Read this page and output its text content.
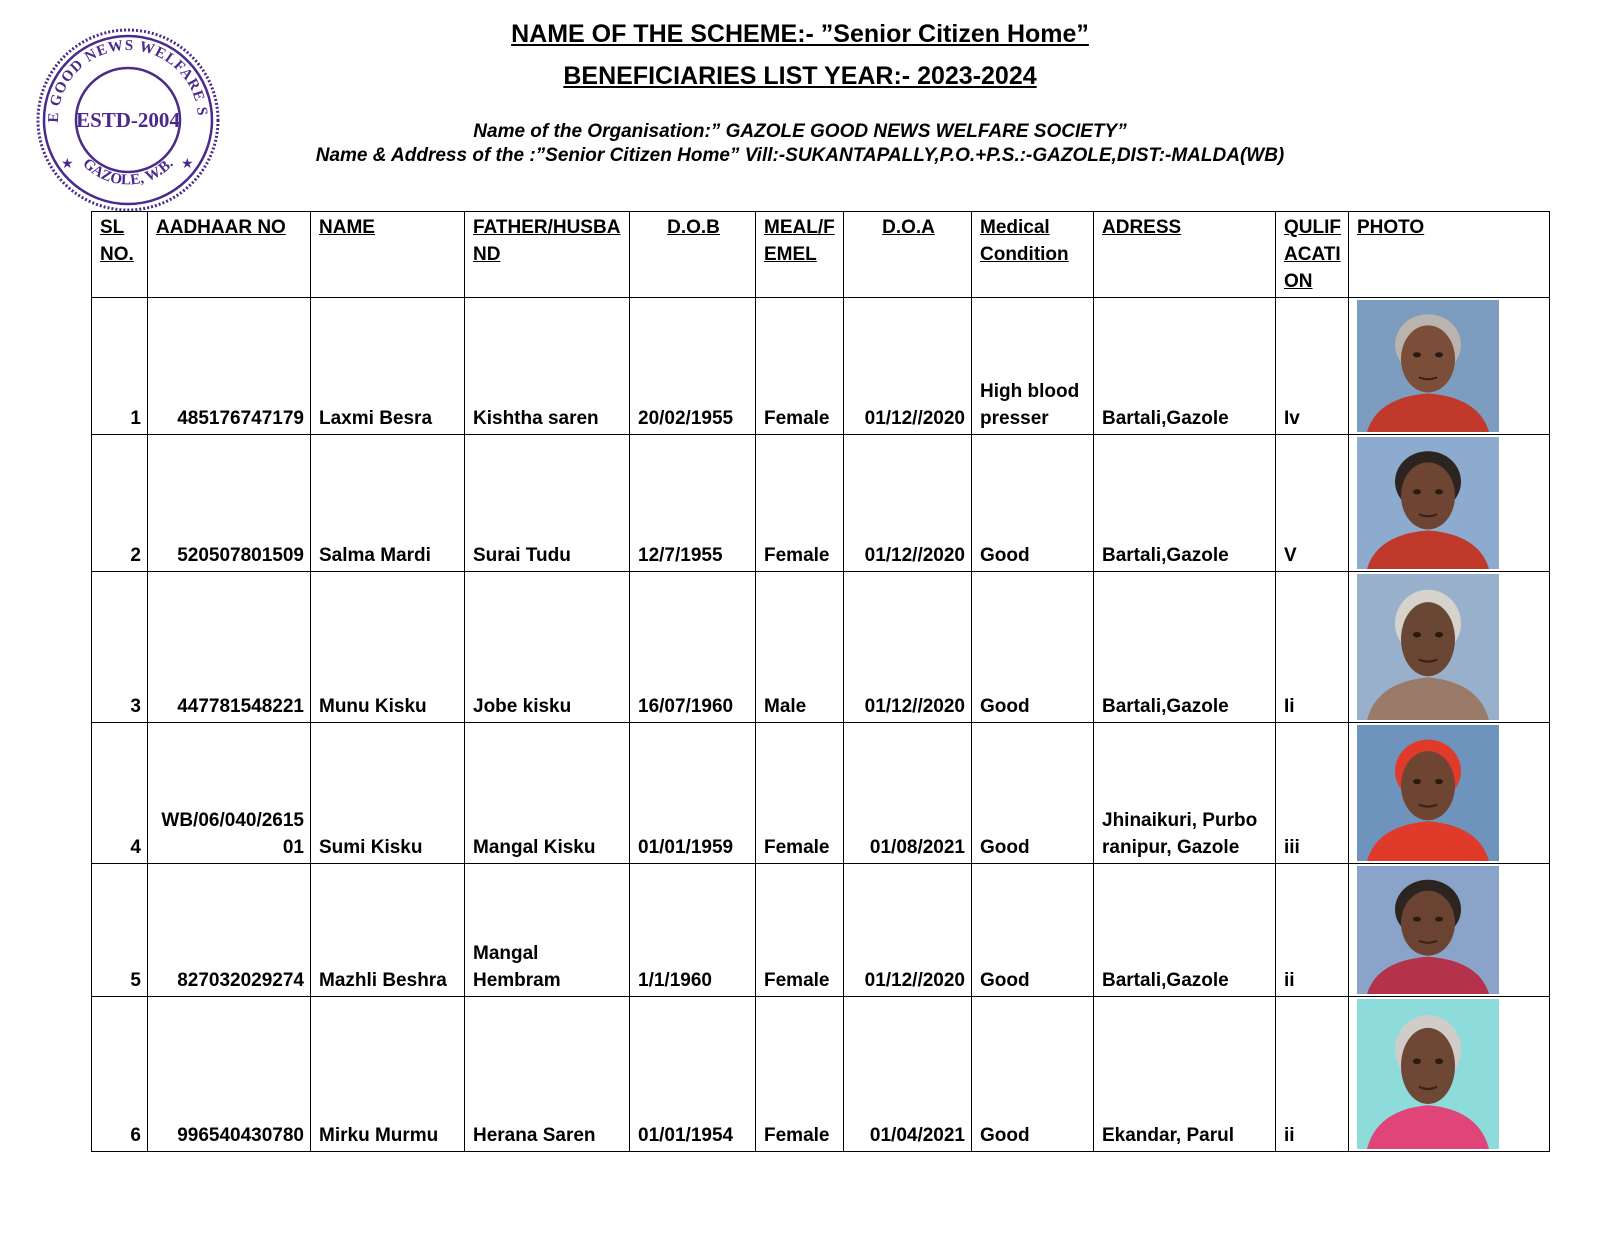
NAME OF THE SCHEME:- ”Senior Citizen Home”
BENEFICIARIES LIST YEAR:- 2023-2024
Name of the Organisation:” GAZOLE GOOD NEWS WELFARE SOCIETY”
Name & Address of the :”Senior Citizen Home” Vill:-SUKANTAPALLY,P.O.+P.S.:-GAZOLE,DIST:-MALDA(WB)
E GOOD NEWS WELFARE S
GAZOLE, W.B.
ESTD-2004
★	★
SL NO.	AADHAAR NO	NAME	FATHER/HUSBAND	D.O.B	MEAL/FEMEL	D.O.A	Medical Condition	ADRESS	QULIFACATION	PHOTO
1	485176747179	Laxmi Besra	Kishtha saren	20/02/1955	Female	01/12//2020	High blood presser	Bartali,Gazole	Iv	

2	520507801509	Salma Mardi	Surai Tudu	12/7/1955	Female	01/12//2020	Good	Bartali,Gazole	V	

3	447781548221	Munu Kisku	Jobe kisku	16/07/1960	Male	01/12//2020	Good	Bartali,Gazole	Ii	

4	WB/06/040/261501	Sumi Kisku	Mangal Kisku	01/01/1959	Female	01/08/2021	Good	Jhinaikuri, Purbo ranipur, Gazole	iii	

5	827032029274	Mazhli Beshra	Mangal Hembram	1/1/1960	Female	01/12//2020	Good	Bartali,Gazole	ii	

6	996540430780	Mirku Murmu	Herana Saren	01/01/1954	Female	01/04/2021	Good	Ekandar, Parul	ii	
